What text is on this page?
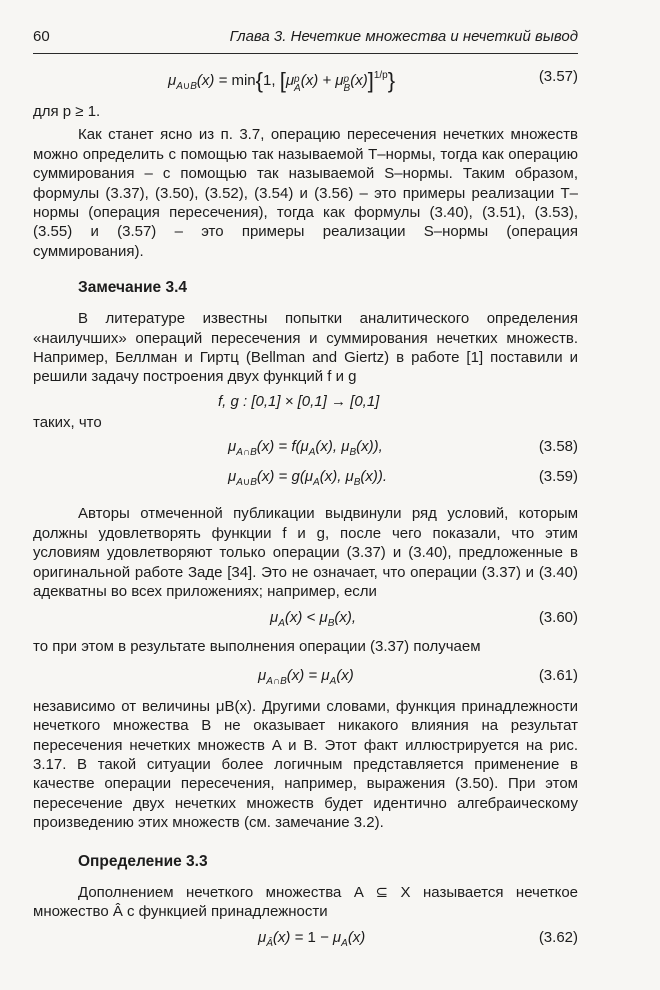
60	Глава 3. Нечеткие множества и нечеткий вывод
$\mu_{A\cup B}(x) = \min\{1$, [μp
A(x) + μp
B(x)]$^{1/p}$}	(3.57)

для p ≥ 1.

Как станет ясно из п. 3.7, операцию пересечения нечетких множеств можно определить с помощью так называемой T–нормы, тогда как операцию суммирования – с помощью так называемой S–нормы. Таким образом, формулы (3.37), (3.50), (3.52), (3.54) и (3.56) – это примеры реализации T–нормы (операция пересечения), тогда как формулы (3.40), (3.51), (3.53), (3.55) и (3.57) – это примеры реализации S–нормы (операция суммирования).

Замечание 3.4

В литературе известны попытки аналитического определения «наилучших» операций пересечения и суммирования нечетких множеств. Например, Беллман и Гиртц (Bellman and Giertz) в работе [1] поставили и решили задачу построения двух функций f и g

f, g : [0,1] × [0,1] → [0,1]

таких, что

$\mu_{A\cap B}(x) = f(\mu_A(x)$, $\mu_B(x)$),	(3.58)
$\mu_{A\cup B}(x) = g(\mu_A(x)$, $\mu_B(x)$).	(3.59)

Авторы отмеченной публикации выдвинули ряд условий, которым должны удовлетворять функции f и g, после чего показали, что этим условиям удовлетворяют только операции (3.37) и (3.40), предложенные в оригинальной работе Заде [34]. Это не означает, что операции (3.37) и (3.40) адекватны во всех приложениях; например, если

$\mu_A(x) < \mu_B(x)$,	(3.60)

то при этом в результате выполнения операции (3.37) получаем

$\mu_{A\cap B}(x) = \mu_A(x)$	(3.61)

независимо от величины μB(x). Другими словами, функция принадлежности нечеткого множества B не оказывает никакого влияния на результат пересечения нечетких множеств A и B. Этот факт иллюстрируется на рис. 3.17. В такой ситуации более логичным представляется применение в качестве операции пересечения, например, выражения (3.50). При этом пересечение двух нечетких множеств будет идентично алгебраическому произведению этих множеств (см. замечание 3.2).

Определение 3.3

Дополнением нечеткого множества A ⊆ X называется нечеткое множество Â с функцией принадлежности

$\mu_Â(x) = 1 - \mu_A(x)$	(3.62)
